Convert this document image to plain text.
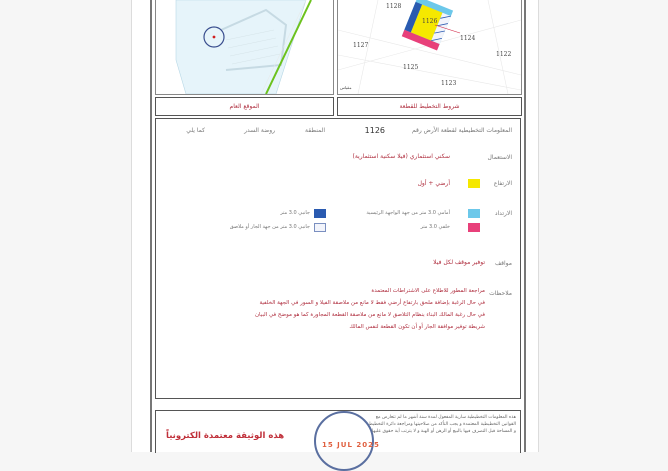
1128
1126
1124
1127
1122
1125
1123
مقياس
الموقع العام	شروط التخطيط للقطعة
المعلومات التخطيطية لقطعة الأرض رقم
1126
المنطقة
روضة السدر
كما يلي
الاستعمال
سكني استثماري (فيلا سكنية استثمارية)
الارتفاع
أرضي + أول
الارتداد
أمامي 3.0 متر من جهة الواجهة الرئيسية
خلفي 3.0 متر
جانبي 3.0 متر
جانبي 3.0 متر من جهة الجار أو ملاصق
مواقف
توفير موقف لكل فيلا
ملاحظات
مراجعة المطور للاطلاع على الاشتراطات المعتمدة
في حال الرغبة بإضافة ملحق بارتفاع أرضي فقط لا مانع من ملاصقة الفيلا و السور في الجهة الخلفية
في حال رغبة المالك البناء بنظام التلاصق لا مانع من ملاصقة القطعة المجاورة كما هو موضح في البيان
شريطة توفير موافقة الجار أو أن تكون القطعة لنفس المالك
هذه الوثيقة معتمدة الكترونياً
15 JUL 2025
هذه المعلومات التخطيطية سارية المفعول لمدة سنة أشهر ما لم تتعارض مع القوانين التخطيطية المعتمدة و يجب التأكد من صلاحيتها ومراجعة دائرة التخطيط و المساحة قبل التصرف فيها بالبيع أو الرهن أو الهبة و لا يترتب أية حقوق عليها
